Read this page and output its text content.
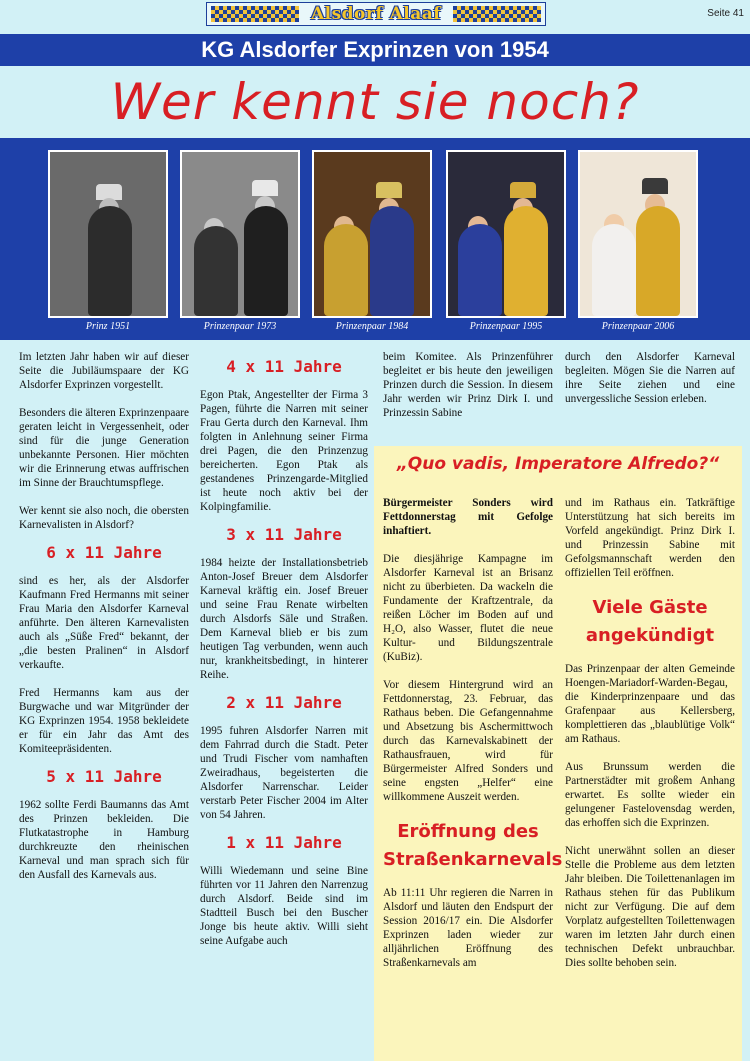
Alsdorf Alaaf	Seite 41
KG Alsdorfer Exprinzen von 1954
Wer kennt sie noch?
Prinz 1951	Prinzenpaar 1973	Prinzenpaar 1984	Prinzenpaar 1995	Prinzenpaar 2006

Im letzten Jahr haben wir auf dieser Seite die Jubiläumspaare der KG Alsdorfer Exprinzen vorgestellt.

Besonders die älteren Exprinzenpaare geraten leicht in Vergessenheit, oder sind für die junge Generation unbekannte Personen. Hier möchten wir die Erinnerung etwas auffrischen im Sinne der Brauchtumspflege.

Wer kennt sie also noch, die obersten Karnevalisten in Alsdorf?

6 x 11 Jahre

sind es her, als der Alsdorfer Kaufmann Fred Hermanns mit seiner Frau Maria den Alsdorfer Karneval anführte. Den älteren Karnevalisten auch als „Süße Fred“ bekannt, der „die besten Pralinen“ in Alsdorf verkaufte.

Fred Hermanns kam aus der Burgwache und war Mitgründer der KG Exprinzen 1954. 1958 bekleidete er für ein Jahr das Amt des Komiteepräsidenten.

5 x 11 Jahre

1962 sollte Ferdi Baumanns das Amt des Prinzen bekleiden. Die Flutkatastrophe in Hamburg durchkreuzte den rheinischen Karneval und man sprach sich für den Ausfall des Karnevals aus.

4 x 11 Jahre

Egon Ptak, Angestellter der Firma 3 Pagen, führte die Narren mit seiner Frau Gerta durch den Karneval. Ihm folgten in Anlehnung seiner Firma drei Pagen, die den Prinzenzug bereicherten. Egon Ptak als gestandenes Prinzengarde-Mitglied ist heute noch aktiv bei der Kolpingfamilie.

3 x 11 Jahre

1984 heizte der Installationsbetrieb Anton-Josef Breuer dem Alsdorfer Karneval kräftig ein. Josef Breuer und seine Frau Renate wirbelten durch Alsdorfs Säle und Straßen. Dem Karneval blieb er bis zum heutigen Tag verbunden, wenn auch nur, krankheitsbedingt, in hinterer Reihe.

2 x 11 Jahre

1995 fuhren Alsdorfer Narren mit dem Fahrrad durch die Stadt. Peter und Trudi Fischer vom namhaften Zweiradhaus, begeisterten die Alsdorfer Narrenschar. Leider verstarb Peter Fischer 2004 im Alter von 54 Jahren.

1 x 11 Jahre

Willi Wiedemann und seine Bine führten vor 11 Jahren den Narrenzug durch Alsdorf. Beide sind im Stadtteil Busch bei den Buscher Jonge bis heute aktiv. Willi sieht seine Aufgabe auch

beim Komitee. Als Prinzenführer begleitet er bis heute den jeweiligen Prinzen durch die Session. In diesem Jahr werden wir Prinz Dirk I. und Prinzessin Sabine

durch den Alsdorfer Karneval begleiten. Mögen Sie die Narren auf ihre Seite ziehen und eine unvergessliche Session erleben.

„Quo vadis, Imperatore Alfredo?“

Bürgermeister Sonders wird Fettdonnerstag mit Gefolge inhaftiert.

Die diesjährige Kampagne im Alsdorfer Karneval ist an Brisanz nicht zu überbieten. Da wackeln die Fundamente der Kraftzentrale, da reißen Löcher im Boden auf und H₂O, also Wasser, flutet die neue Kultur- und Bildungszentrale (KuBiz).

Vor diesem Hintergrund wird an Fettdonnerstag, 23. Februar, das Rathaus beben. Die Gefangennahme und Absetzung bis Aschermittwoch durch das Karnevalskabinett der Rathausfrauen, wird für Bürgermeister Alfred Sonders und seine engsten „Helfer“ eine willkommene Auszeit werden.

Eröffnung des Straßenkarnevals

Ab 11:11 Uhr regieren die Narren in Alsdorf und läuten den Endspurt der Session 2016/17 ein. Die Alsdorfer Exprinzen laden wieder zur alljährlichen Eröffnung des Straßenkarnevals am

und im Rathaus ein. Tatkräftige Unterstützung hat sich bereits im Vorfeld angekündigt. Prinz Dirk I. und Prinzessin Sabine mit Gefolgsmannschaft werden den offiziellen Teil eröffnen.

Viele Gäste angekündigt

Das Prinzenpaar der alten Gemeinde Hoengen-Mariadorf-Warden-Begau, die Kinderprinzenpaare und das Grafenpaar aus Kellersberg, komplettieren das „blaublütige Volk“ am Rathaus.

Aus Brunssum werden die Partnerstädter mit großem Anhang erwartet. Es sollte wieder ein gelungener Fastelovensdag werden, das erhoffen sich die Exprinzen.

Nicht unerwähnt sollen an dieser Stelle die Probleme aus dem letzten Jahr bleiben. Die Toilettenanlagen im Rathaus stehen für das Publikum nicht zur Verfügung. Die auf dem Vorplatz aufgestellten Toilettenwagen waren im letzten Jahr durch einen technischen Defekt unbrauchbar. Dies sollte behoben sein.
